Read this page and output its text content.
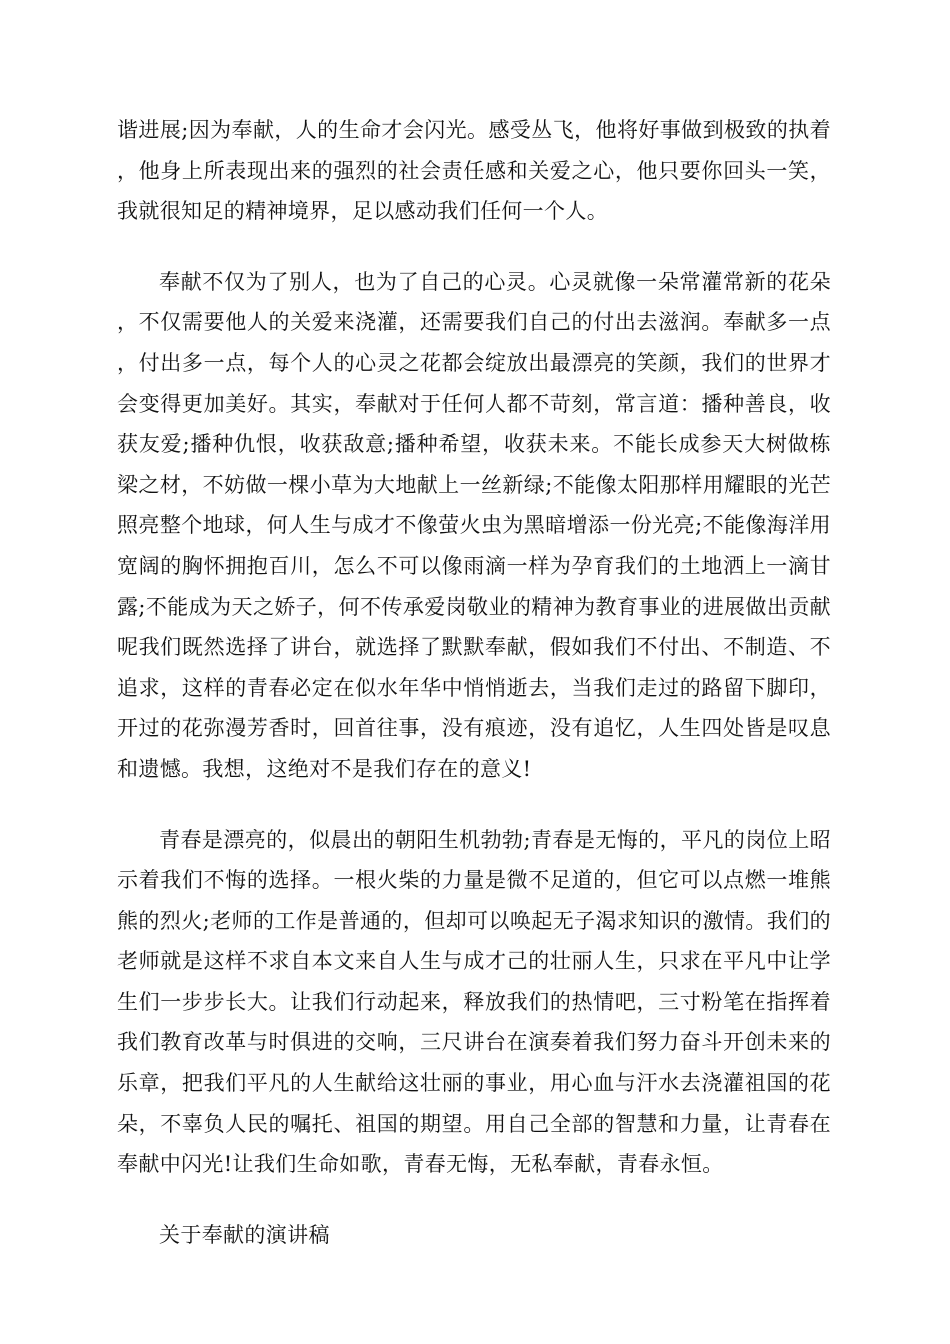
谐进展;因为奉献，人的生命才会闪光。感受丛飞，他将好事做到极致的执着，他身上所表现出来的强烈的社会责任感和关爱之心，他只要你回头一笑，我就很知足的精神境界，足以感动我们任何一个人。

奉献不仅为了别人，也为了自己的心灵。心灵就像一朵常灌常新的花朵，不仅需要他人的关爱来浇灌，还需要我们自己的付出去滋润。奉献多一点，付出多一点，每个人的心灵之花都会绽放出最漂亮的笑颜，我们的世界才会变得更加美好。其实，奉献对于任何人都不苛刻，常言道：播种善良，收获友爱;播种仇恨，收获敌意;播种希望，收获未来。不能长成参天大树做栋梁之材，不妨做一棵小草为大地献上一丝新绿;不能像太阳那样用耀眼的光芒照亮整个地球，何人生与成才不像萤火虫为黑暗增添一份光亮;不能像海洋用宽阔的胸怀拥抱百川，怎么不可以像雨滴一样为孕育我们的土地洒上一滴甘露;不能成为天之娇子，何不传承爱岗敬业的精神为教育事业的进展做出贡献呢我们既然选择了讲台，就选择了默默奉献，假如我们不付出、不制造、不追求，这样的青春必定在似水年华中悄悄逝去，当我们走过的路留下脚印，开过的花弥漫芳香时，回首往事，没有痕迹，没有追忆，人生四处皆是叹息和遗憾。我想，这绝对不是我们存在的意义!

青春是漂亮的，似晨出的朝阳生机勃勃;青春是无悔的，平凡的岗位上昭示着我们不悔的选择。一根火柴的力量是微不足道的，但它可以点燃一堆熊熊的烈火;老师的工作是普通的，但却可以唤起无子渴求知识的激情。我们的老师就是这样不求自本文来自人生与成才己的壮丽人生，只求在平凡中让学生们一步步长大。让我们行动起来，释放我们的热情吧，三寸粉笔在指挥着我们教育改革与时俱进的交响，三尺讲台在演奏着我们努力奋斗开创未来的乐章，把我们平凡的人生献给这壮丽的事业，用心血与汗水去浇灌祖国的花朵，不辜负人民的嘱托、祖国的期望。用自己全部的智慧和力量，让青春在奉献中闪光!让我们生命如歌，青春无悔，无私奉献，青春永恒。

关于奉献的演讲稿
